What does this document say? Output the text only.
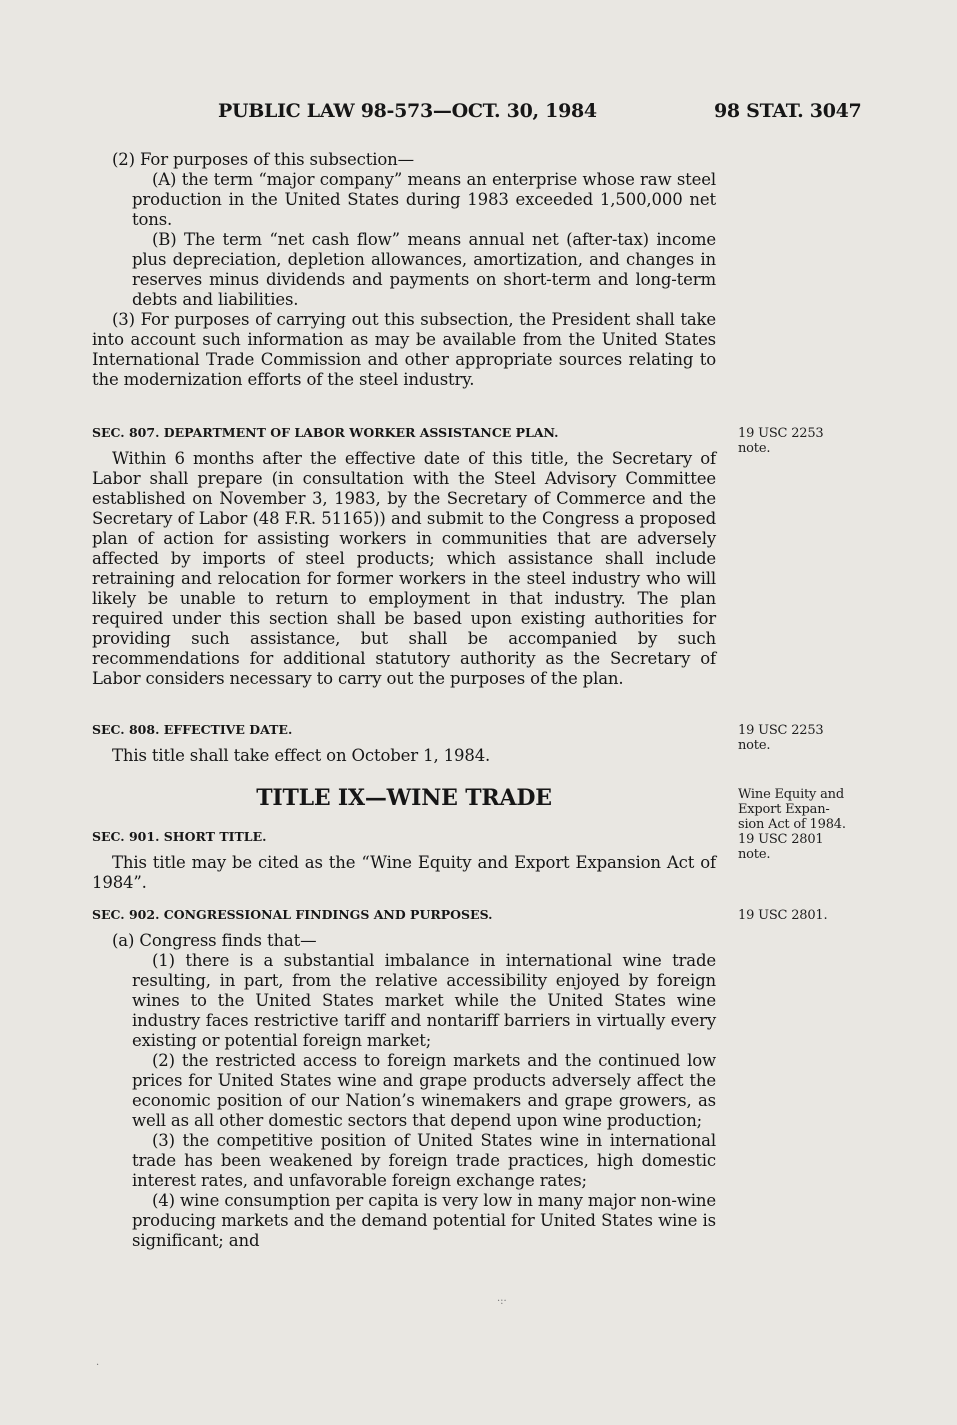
PUBLIC LAW 98-573—OCT. 30, 1984	98 STAT. 3047

(2) For purposes of this subsection—

(A) the term “major company” means an enterprise whose raw steel production in the United States during 1983 exceeded 1,500,000 net tons.

(B) The term “net cash flow” means annual net (after-tax) income plus depreciation, depletion allowances, amortization, and changes in reserves minus dividends and payments on short-term and long-term debts and liabilities.

(3) For purposes of carrying out this subsection, the President shall take into account such information as may be available from the United States International Trade Commission and other appropriate sources relating to the modernization efforts of the steel industry.

SEC. 807. DEPARTMENT OF LABOR WORKER ASSISTANCE PLAN.

Within 6 months after the effective date of this title, the Secretary of Labor shall prepare (in consultation with the Steel Advisory Committee established on November 3, 1983, by the Secretary of Commerce and the Secretary of Labor (48 F.R. 51165)) and submit to the Congress a proposed plan of action for assisting workers in communities that are adversely affected by imports of steel products; which assistance shall include retraining and relocation for former workers in the steel industry who will likely be unable to return to employment in that industry. The plan required under this section shall be based upon existing authorities for providing such assistance, but shall be accompanied by such recommendations for additional statutory authority as the Secretary of Labor considers necessary to carry out the purposes of the plan.

SEC. 808. EFFECTIVE DATE.

This title shall take effect on October 1, 1984.

TITLE IX—WINE TRADE

SEC. 901. SHORT TITLE.

This title may be cited as the “Wine Equity and Export Expansion Act of 1984”.

SEC. 902. CONGRESSIONAL FINDINGS AND PURPOSES.

(a) Congress finds that—

(1) there is a substantial imbalance in international wine trade resulting, in part, from the relative accessibility enjoyed by foreign wines to the United States market while the United States wine industry faces restrictive tariff and nontariff barriers in virtually every existing or potential foreign market;

(2) the restricted access to foreign markets and the continued low prices for United States wine and grape products adversely affect the economic position of our Nation’s winemakers and grape growers, as well as all other domestic sectors that depend upon wine production;

(3) the competitive position of United States wine in international trade has been weakened by foreign trade practices, high domestic interest rates, and unfavorable foreign exchange rates;

(4) wine consumption per capita is very low in many major non-wine producing markets and the demand potential for United States wine is significant; and

19 USC 2253
note.
19 USC 2253
note.
Wine Equity and
Export Expan-
sion Act of 1984.
19 USC 2801
note.
19 USC 2801.
·:·
·
